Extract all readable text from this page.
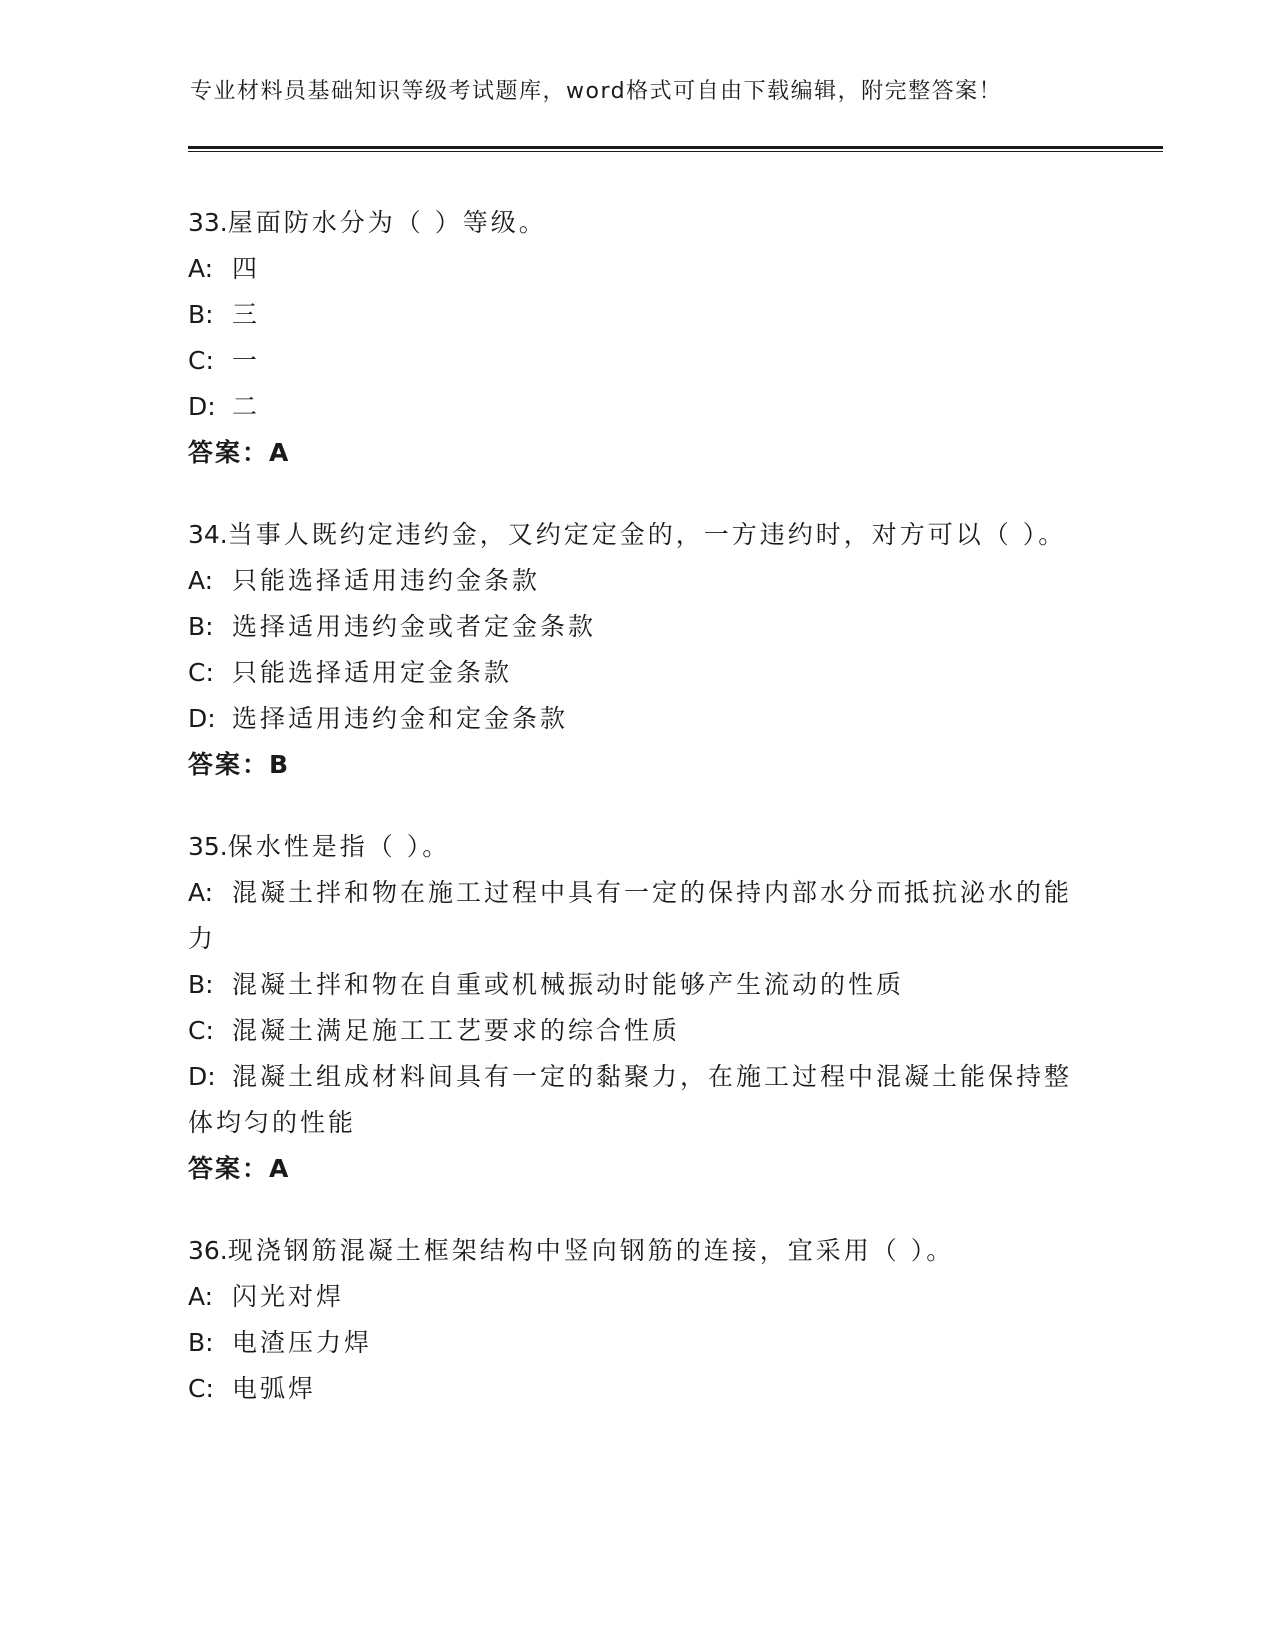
专业材料员基础知识等级考试题库，word格式可自由下载编辑，附完整答案！

33.屋面防水分为（ ）等级。

A: 四

B: 三

C: 一

D: 二

答案：A

34.当事人既约定违约金，又约定定金的，一方违约时，对方可以（ ）。

A: 只能选择适用违约金条款

B: 选择适用违约金或者定金条款

C: 只能选择适用定金条款

D: 选择适用违约金和定金条款

答案：B

35.保水性是指（ ）。

A: 混凝土拌和物在施工过程中具有一定的保持内部水分而抵抗泌水的能力

B: 混凝土拌和物在自重或机械振动时能够产生流动的性质

C: 混凝土满足施工工艺要求的综合性质

D: 混凝土组成材料间具有一定的黏聚力，在施工过程中混凝土能保持整体均匀的性能

答案：A

36.现浇钢筋混凝土框架结构中竖向钢筋的连接，宜采用（ ）。

A: 闪光对焊

B: 电渣压力焊

C: 电弧焊
